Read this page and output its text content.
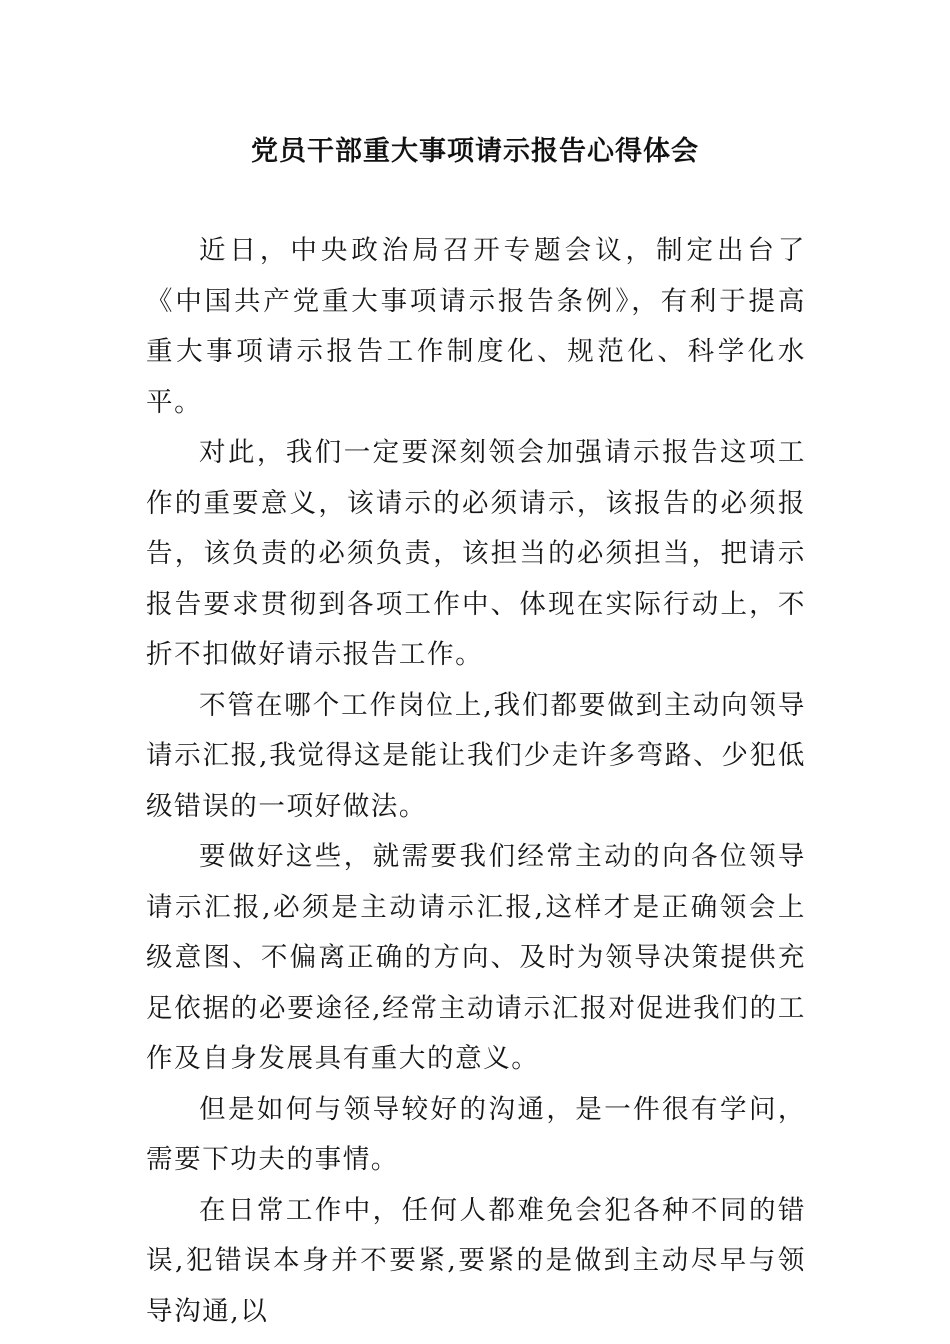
党员干部重大事项请示报告心得体会

近日，中央政治局召开专题会议，制定出台了《中国共产党重大事项请示报告条例》，有利于提高重大事项请示报告工作制度化、规范化、科学化水平。

对此，我们一定要深刻领会加强请示报告这项工作的重要意义，该请示的必须请示，该报告的必须报告，该负责的必须负责，该担当的必须担当，把请示报告要求贯彻到各项工作中、体现在实际行动上，不折不扣做好请示报告工作。

不管在哪个工作岗位上,我们都要做到主动向领导请示汇报,我觉得这是能让我们少走许多弯路、少犯低级错误的一项好做法。

要做好这些，就需要我们经常主动的向各位领导请示汇报,必须是主动请示汇报,这样才是正确领会上级意图、不偏离正确的方向、及时为领导决策提供充足依据的必要途径,经常主动请示汇报对促进我们的工作及自身发展具有重大的意义。

但是如何与领导较好的沟通，是一件很有学问，需要下功夫的事情。

在日常工作中，任何人都难免会犯各种不同的错误,犯错误本身并不要紧,要紧的是做到主动尽早与领导沟通,以
